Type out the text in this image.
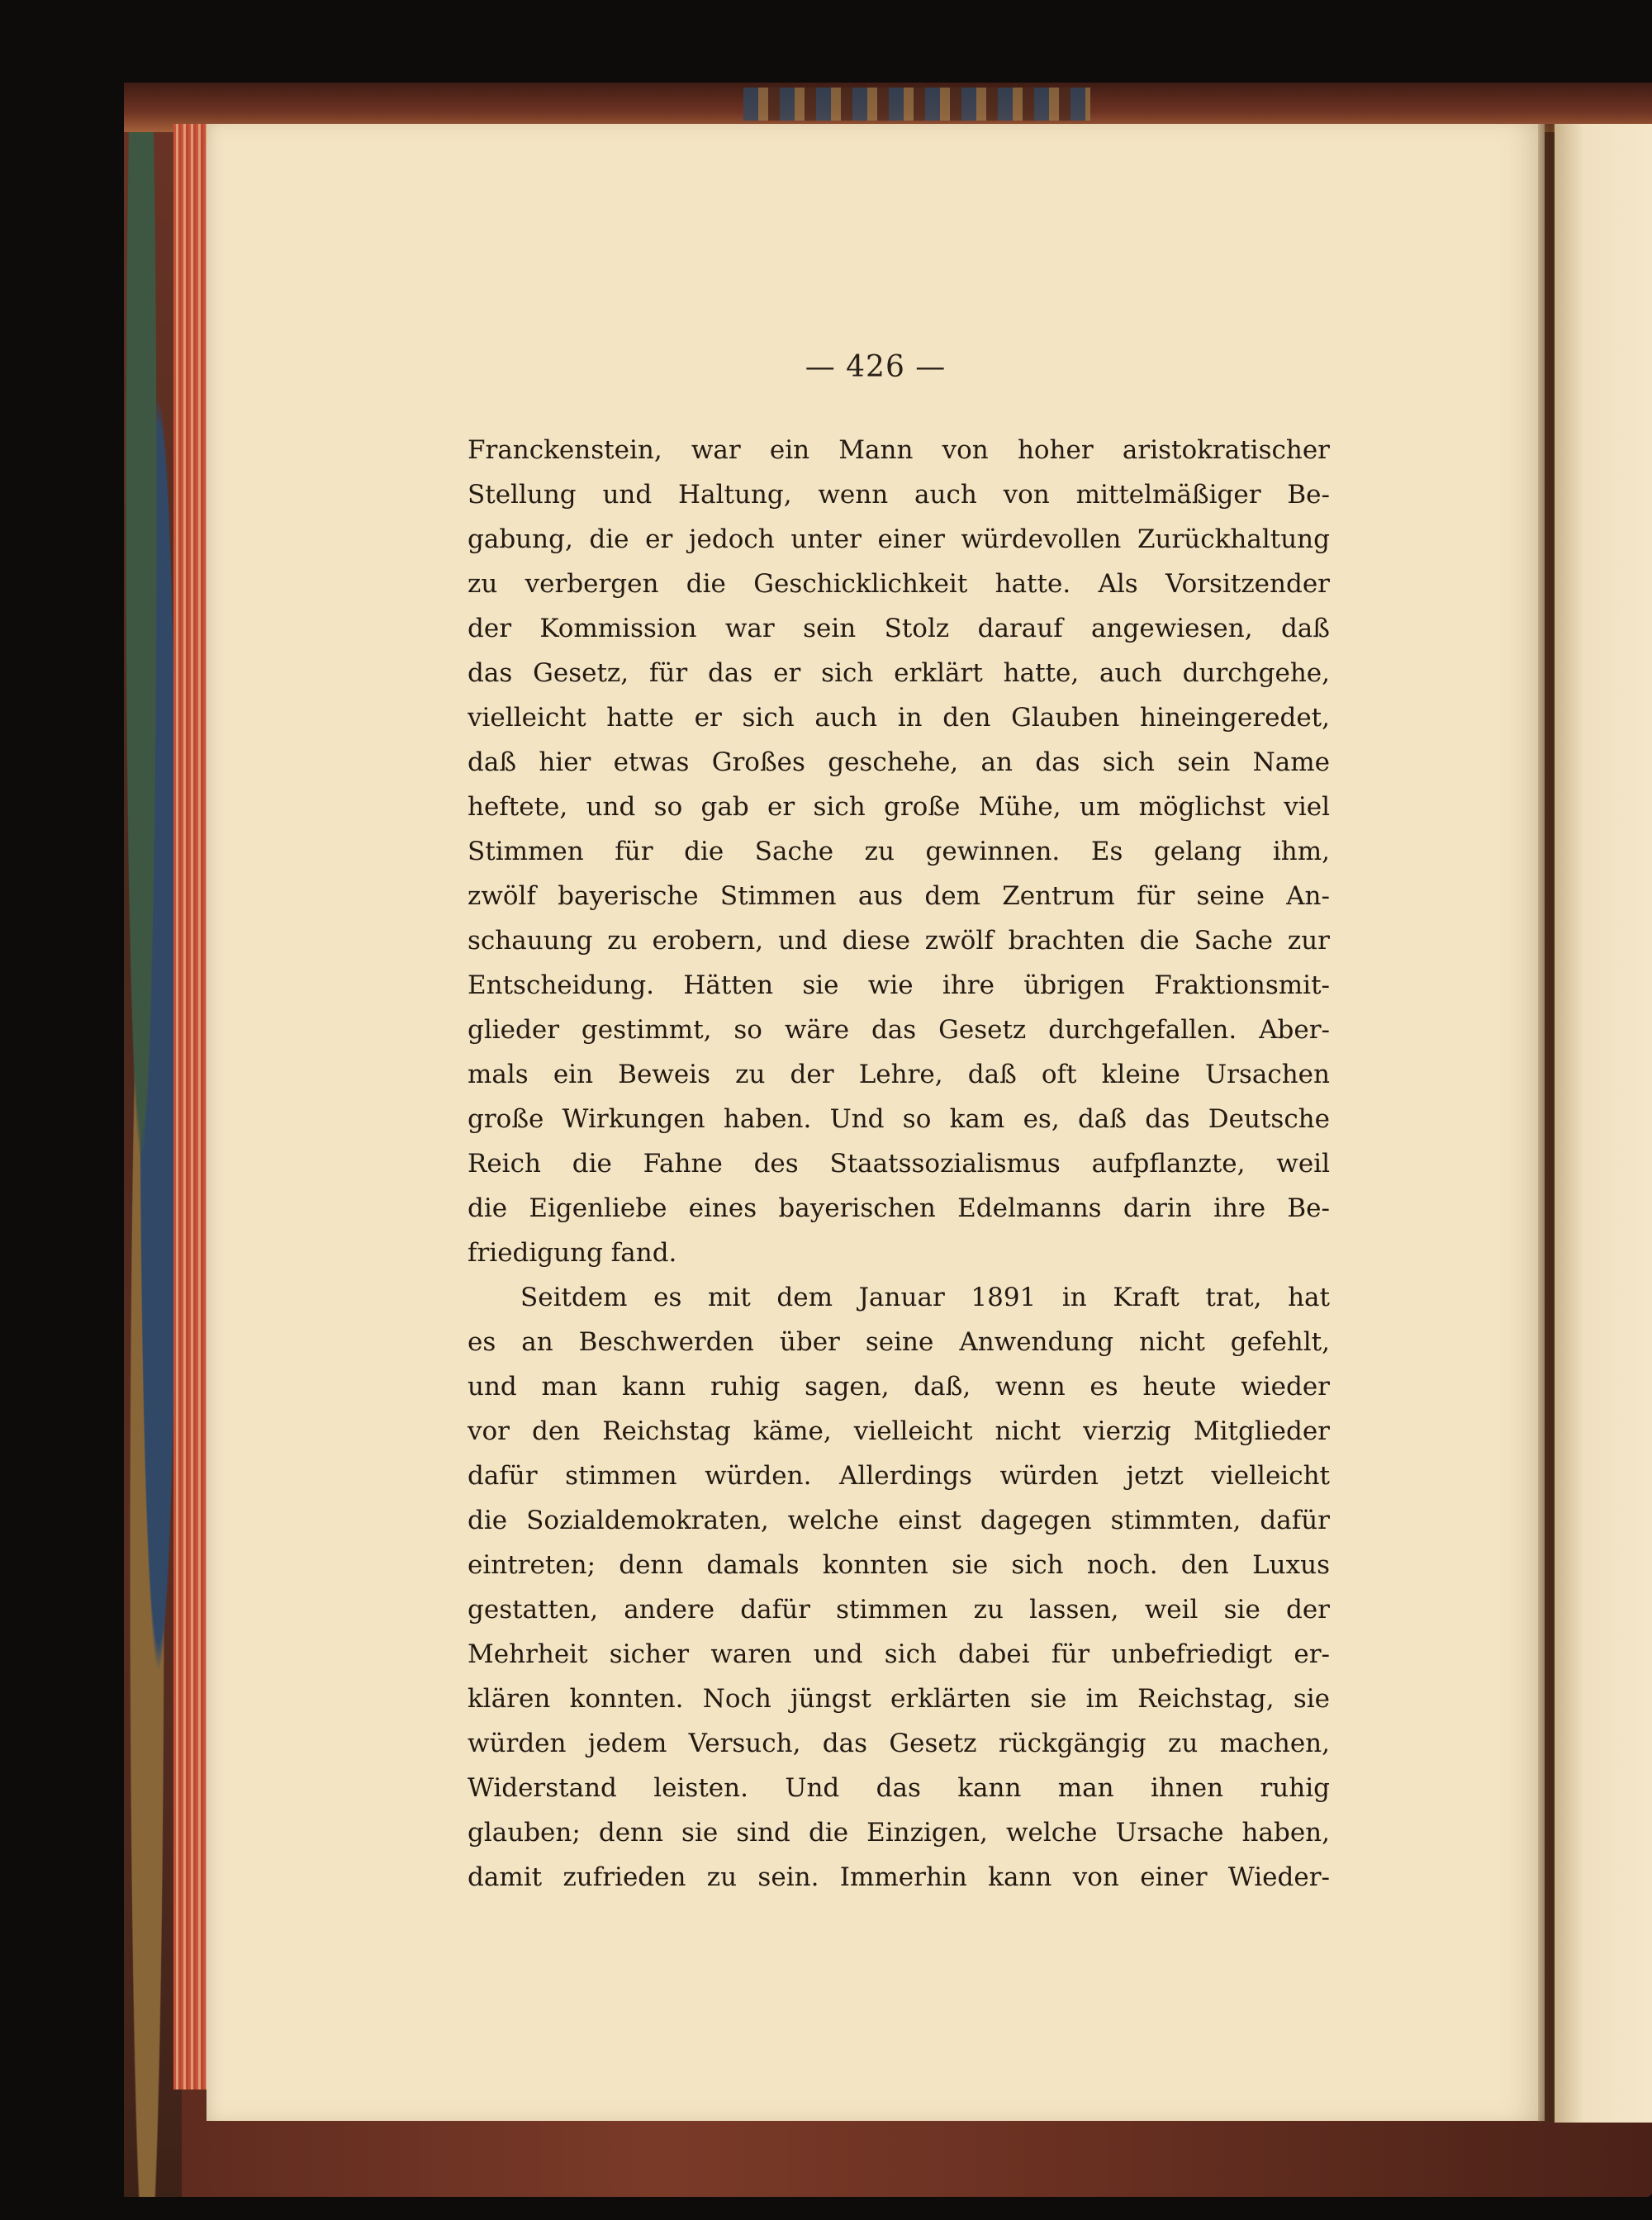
— 426 —
Franckenstein, war ein Mann von hoher aristokratischer
Stellung und Haltung, wenn auch von mittelmäßiger Be-
gabung, die er jedoch unter einer würdevollen Zurückhaltung
zu verbergen die Geschicklichkeit hatte. Als Vorsitzender
der Kommission war sein Stolz darauf angewiesen, daß
das Gesetz, für das er sich erklärt hatte, auch durchgehe,
vielleicht hatte er sich auch in den Glauben hineingeredet,
daß hier etwas Großes geschehe, an das sich sein Name
heftete, und so gab er sich große Mühe, um möglichst viel
Stimmen für die Sache zu gewinnen. Es gelang ihm,
zwölf bayerische Stimmen aus dem Zentrum für seine An-
schauung zu erobern, und diese zwölf brachten die Sache zur
Entscheidung. Hätten sie wie ihre übrigen Fraktionsmit-
glieder gestimmt, so wäre das Gesetz durchgefallen. Aber-
mals ein Beweis zu der Lehre, daß oft kleine Ursachen
große Wirkungen haben. Und so kam es, daß das Deutsche
Reich die Fahne des Staatssozialismus aufpflanzte, weil
die Eigenliebe eines bayerischen Edelmanns darin ihre Be-
friedigung fand.
Seitdem es mit dem Januar 1891 in Kraft trat, hat
es an Beschwerden über seine Anwendung nicht gefehlt,
und man kann ruhig sagen, daß, wenn es heute wieder
vor den Reichstag käme, vielleicht nicht vierzig Mitglieder
dafür stimmen würden. Allerdings würden jetzt vielleicht
die Sozialdemokraten, welche einst dagegen stimmten, dafür
eintreten; denn damals konnten sie sich noch. den Luxus
gestatten, andere dafür stimmen zu lassen, weil sie der
Mehrheit sicher waren und sich dabei für unbefriedigt er-
klären konnten. Noch jüngst erklärten sie im Reichstag, sie
würden jedem Versuch, das Gesetz rückgängig zu machen,
Widerstand leisten. Und das kann man ihnen ruhig
glauben; denn sie sind die Einzigen, welche Ursache haben,
damit zufrieden zu sein. Immerhin kann von einer Wieder-
